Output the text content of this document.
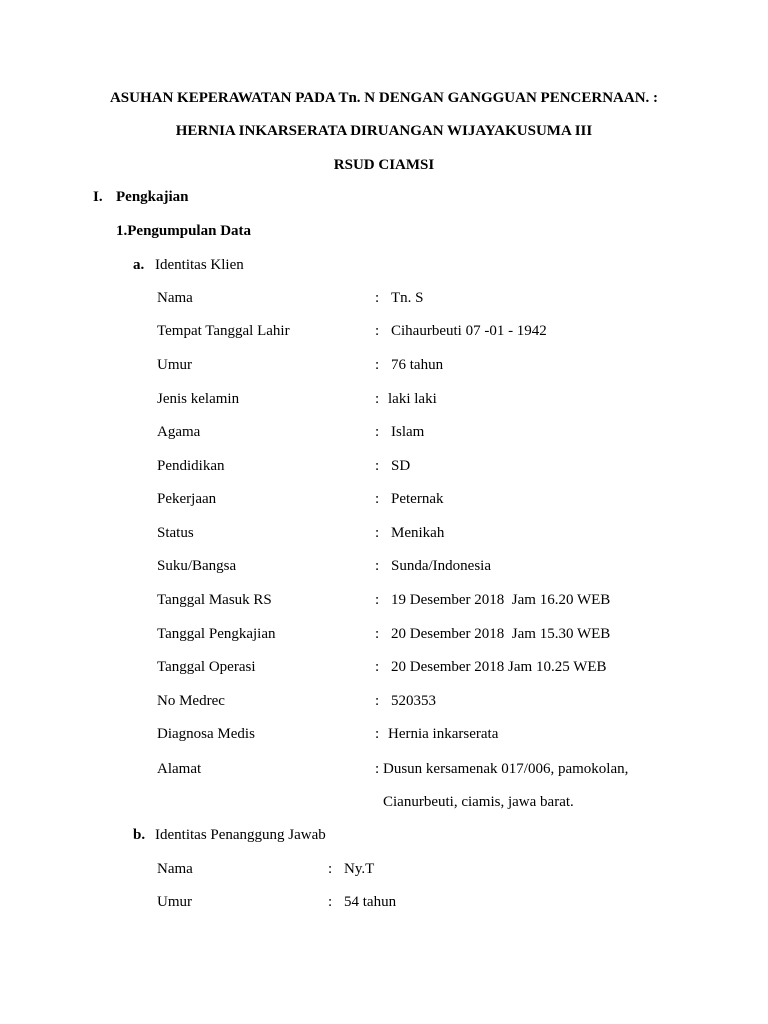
ASUHAN KEPERAWATAN PADA Tn. N DENGAN GANGGUAN PENCERNAAN. :
HERNIA INKARSERATA DIRUANGAN WIJAYAKUSUMA III
RSUD CIAMSI
I. Pengkajian
1.Pengumpulan Data
a. Identitas Klien
Nama	: Tn. S
Tempat Tanggal Lahir	: Cihaurbeuti 07 -01 - 1942
Umur	: 76 tahun
Jenis kelamin	: laki laki
Agama	: Islam
Pendidikan	: SD
Pekerjaan	: Peternak
Status	: Menikah
Suku/Bangsa	: Sunda/Indonesia
Tanggal Masuk RS	: 19 Desember 2018  Jam 16.20 WEB
Tanggal Pengkajian	: 20 Desember 2018  Jam 15.30 WEB
Tanggal Operasi	: 20 Desember 2018 Jam 10.25 WEB
No Medrec	: 520353
Diagnosa Medis	: Hernia inkarserata
Alamat	: Dusun kersamenak 017/006, pamokolan,
Cianurbeuti, ciamis, jawa barat.
b. Identitas Penanggung Jawab
Nama	: Ny.T
Umur	: 54 tahun
